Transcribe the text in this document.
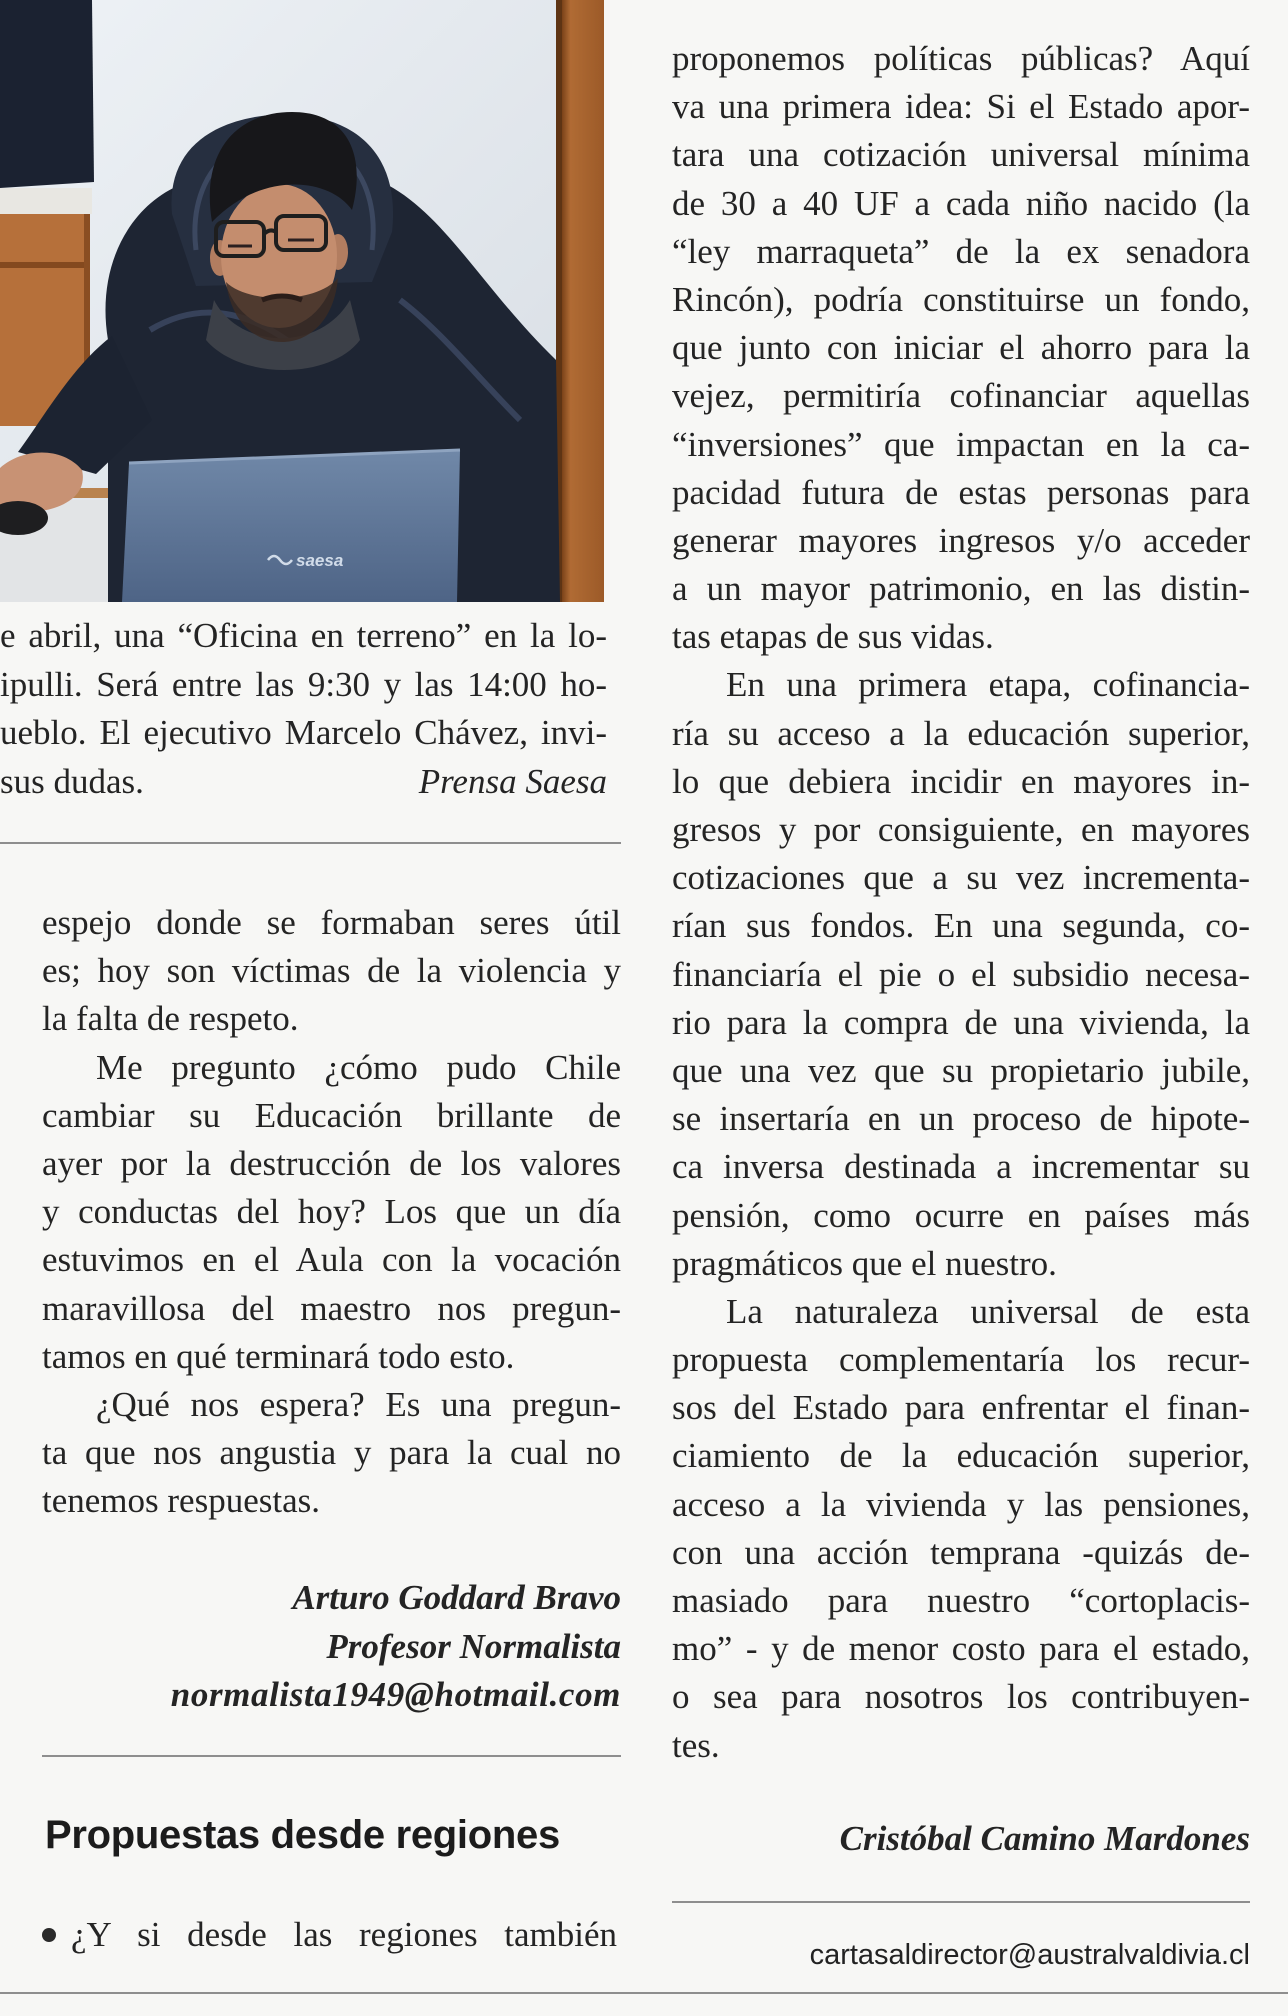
saesa
e abril, una “Oficina en terreno” en la lo-
ipulli. Será entre las 9:30 y las 14:00 ho-
ueblo. El ejecutivo Marcelo Chávez, invi-
sus dudas.	Prensa Saesa
espejo donde se formaban seres útil
es; hoy son víctimas de la violencia y
la falta de respeto.
Me pregunto ¿cómo pudo Chile
cambiar su Educación brillante de
ayer por la destrucción de los valores
y conductas del hoy? Los que un día
estuvimos en el Aula con la vocación
maravillosa del maestro nos pregun-
tamos en qué terminará todo esto.
¿Qué nos espera? Es una pregun-
ta que nos angustia y para la cual no
tenemos respuestas.
Arturo Goddard Bravo
Profesor Normalista
normalista1949@hotmail.com
Propuestas desde regiones
¿Y si desde las regiones también
proponemos políticas públicas? Aquí
va una primera idea: Si el Estado apor-
tara una cotización universal mínima
de 30 a 40 UF a cada niño nacido (la
“ley marraqueta” de la ex senadora
Rincón), podría constituirse un fondo,
que junto con iniciar el ahorro para la
vejez, permitiría cofinanciar aquellas
“inversiones” que impactan en la ca-
pacidad futura de estas personas para
generar mayores ingresos y/o acceder
a un mayor patrimonio, en las distin-
tas etapas de sus vidas.
En una primera etapa, cofinancia-
ría su acceso a la educación superior,
lo que debiera incidir en mayores in-
gresos y por consiguiente, en mayores
cotizaciones que a su vez incrementa-
rían sus fondos. En una segunda, co-
financiaría el pie o el subsidio necesa-
rio para la compra de una vivienda, la
que una vez que su propietario jubile,
se insertaría en un proceso de hipote-
ca inversa destinada a incrementar su
pensión, como ocurre en países más
pragmáticos que el nuestro.
La naturaleza universal de esta
propuesta complementaría los recur-
sos del Estado para enfrentar el finan-
ciamiento de la educación superior,
acceso a la vivienda y las pensiones,
con una acción temprana -quizás de-
masiado para nuestro “cortoplacis-
mo” - y de menor costo para el estado,
o sea para nosotros los contribuyen-
tes.
Cristóbal Camino Mardones
cartasaldirector@australvaldivia.cl
